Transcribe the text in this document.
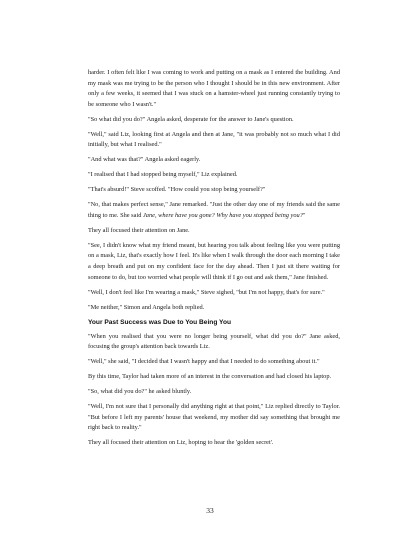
harder. I often felt like I was coming to work and putting on a mask as I entered the building. And my mask was me trying to be the person who I thought I should be in this new environment. After only a few weeks, it seemed that I was stuck on a hamster-wheel just running constantly trying to be someone who I wasn't."

"So what did you do?" Angela asked, desperate for the answer to Jane's question.

"Well," said Liz, looking first at Angela and then at Jane, "it was probably not so much what I did initially, but what I realised."

"And what was that?" Angela asked eagerly.

"I realised that I had stopped being myself," Liz explained.

"That's absurd!" Steve scoffed. "How could you stop being yourself?"

"No, that makes perfect sense," Jane remarked. "Just the other day one of my friends said the same thing to me. She said Jane, where have you gone? Why have you stopped being you?"

They all focused their attention on Jane.

"See, I didn't know what my friend meant, but hearing you talk about feeling like you were putting on a mask, Liz, that's exactly how I feel. It's like when I walk through the door each morning I take a deep breath and put on my confident face for the day ahead. Then I just sit there waiting for someone to do, but too worried what people will think if I go out and ask them," Jane finished.

"Well, I don't feel like I'm wearing a mask," Steve sighed, "but I'm not happy, that's for sure."

"Me neither," Simon and Angela both replied.

Your Past Success was Due to You Being You

"When you realised that you were no longer being yourself, what did you do?" Jane asked, focusing the group's attention back towards Liz.

"Well," she said, "I decided that I wasn't happy and that I needed to do something about it."

By this time, Taylor had taken more of an interest in the conversation and had closed his laptop.

"So, what did you do?" he asked bluntly.

"Well, I'm not sure that I personally did anything right at that point," Liz replied directly to Taylor. "But before I left my parents' house that weekend, my mother did say something that brought me right back to reality."

They all focused their attention on Liz, hoping to hear the 'golden secret'.

33
